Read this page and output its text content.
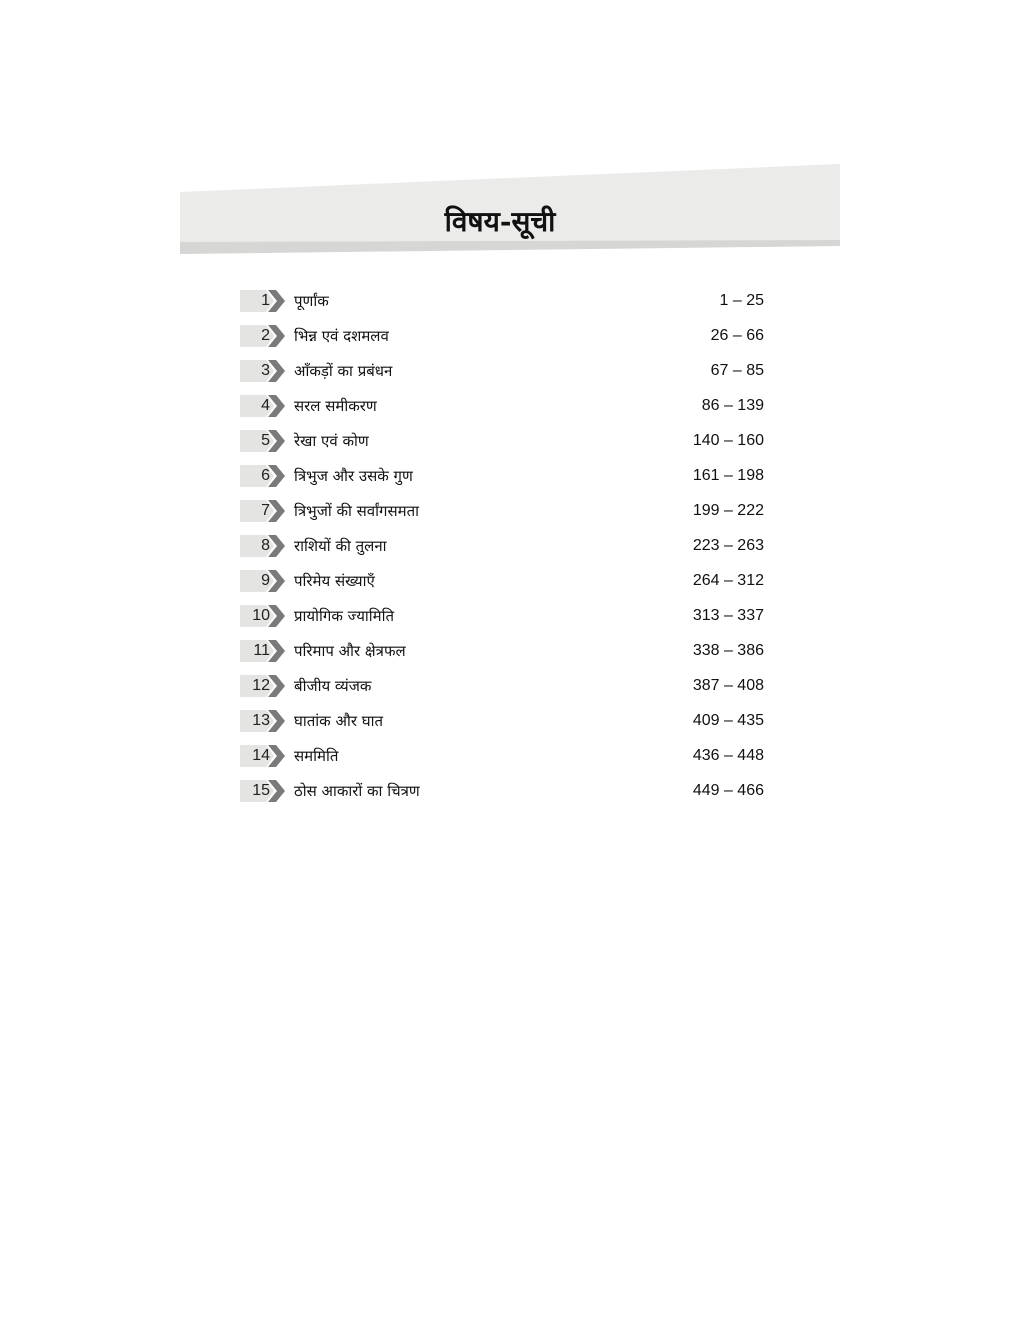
विषय-सूची
1 पूर्णांक	1 – 25
2 भिन्न एवं दशमलव	26 – 66
3 आँकड़ों का प्रबंधन	67 – 85
4 सरल समीकरण	86 – 139
5 रेखा एवं कोण	140 – 160
6 त्रिभुज और उसके गुण	161 – 198
7 त्रिभुजों की सर्वांगसमता	199 – 222
8 राशियों की तुलना	223 – 263
9 परिमेय संख्याएँ	264 – 312
10 प्रायोगिक ज्यामिति	313 – 337
11 परिमाप और क्षेत्रफल	338 – 386
12 बीजीय व्यंजक	387 – 408
13 घातांक और घात	409 – 435
14 सममिति	436 – 448
15 ठोस आकारों का चित्रण	449 – 466
